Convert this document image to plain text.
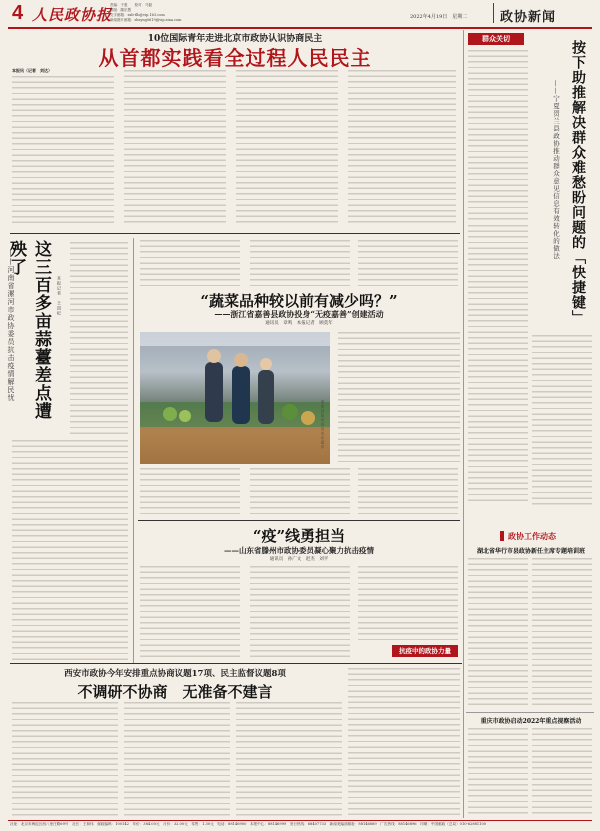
4 人民政协报
责编：于惠　　校对：马磊
排版：滕乐慧
文字邮箱：zxb-tlb@vip.163.com
新闻图片邮箱：shsyng0619@vip.sina.com	2022年4月19日　星期二	政协新闻
10位国际青年走进北京市政协认识协商民主
从首都实践看全过程人民民主
本报讯（记者　刘达）
这三百多亩蒜薹差点遭殃了
——河南省漯河市政协委员抗击疫情解民忧	本报记者　王国纪	“蔬菜品种较以前有减少吗？”
——浙江省嘉善县政协投身“无疫嘉善”创建活动
通讯员　章鸣　本报记者　顾莫年
嘉善县政协委员走访超市
“疫”线勇担当
——山东省滕州市政协委员凝心聚力抗击疫情
通讯员　孙广文　赵杰　刘平
抗疫中的政协力量
西安市政协今年安排重点协商议题17项、民主监督议题8项
不调研不协商　无准备不建言
群众关切
按下助推解决群众难愁盼问题的「快捷键」
——宁夏贺兰县政协推动群众意见信息有效转化的做法
政协工作动态
湖北省华行市县政协新任主席专题培训班
重庆市政协启动2022年重点视察活动
社址：北京市海淀区西八里庄路69号　社长：王和伟　邮政编码：100142　年价：384.00元　月价：32.00元　零售：1.30元　电话：88146900　本报中心：88146999　发行热线：68407733　新闻美编部邮址：88146889　广告热线：88146896　印刷：中国邮政（总局）010-62881100
